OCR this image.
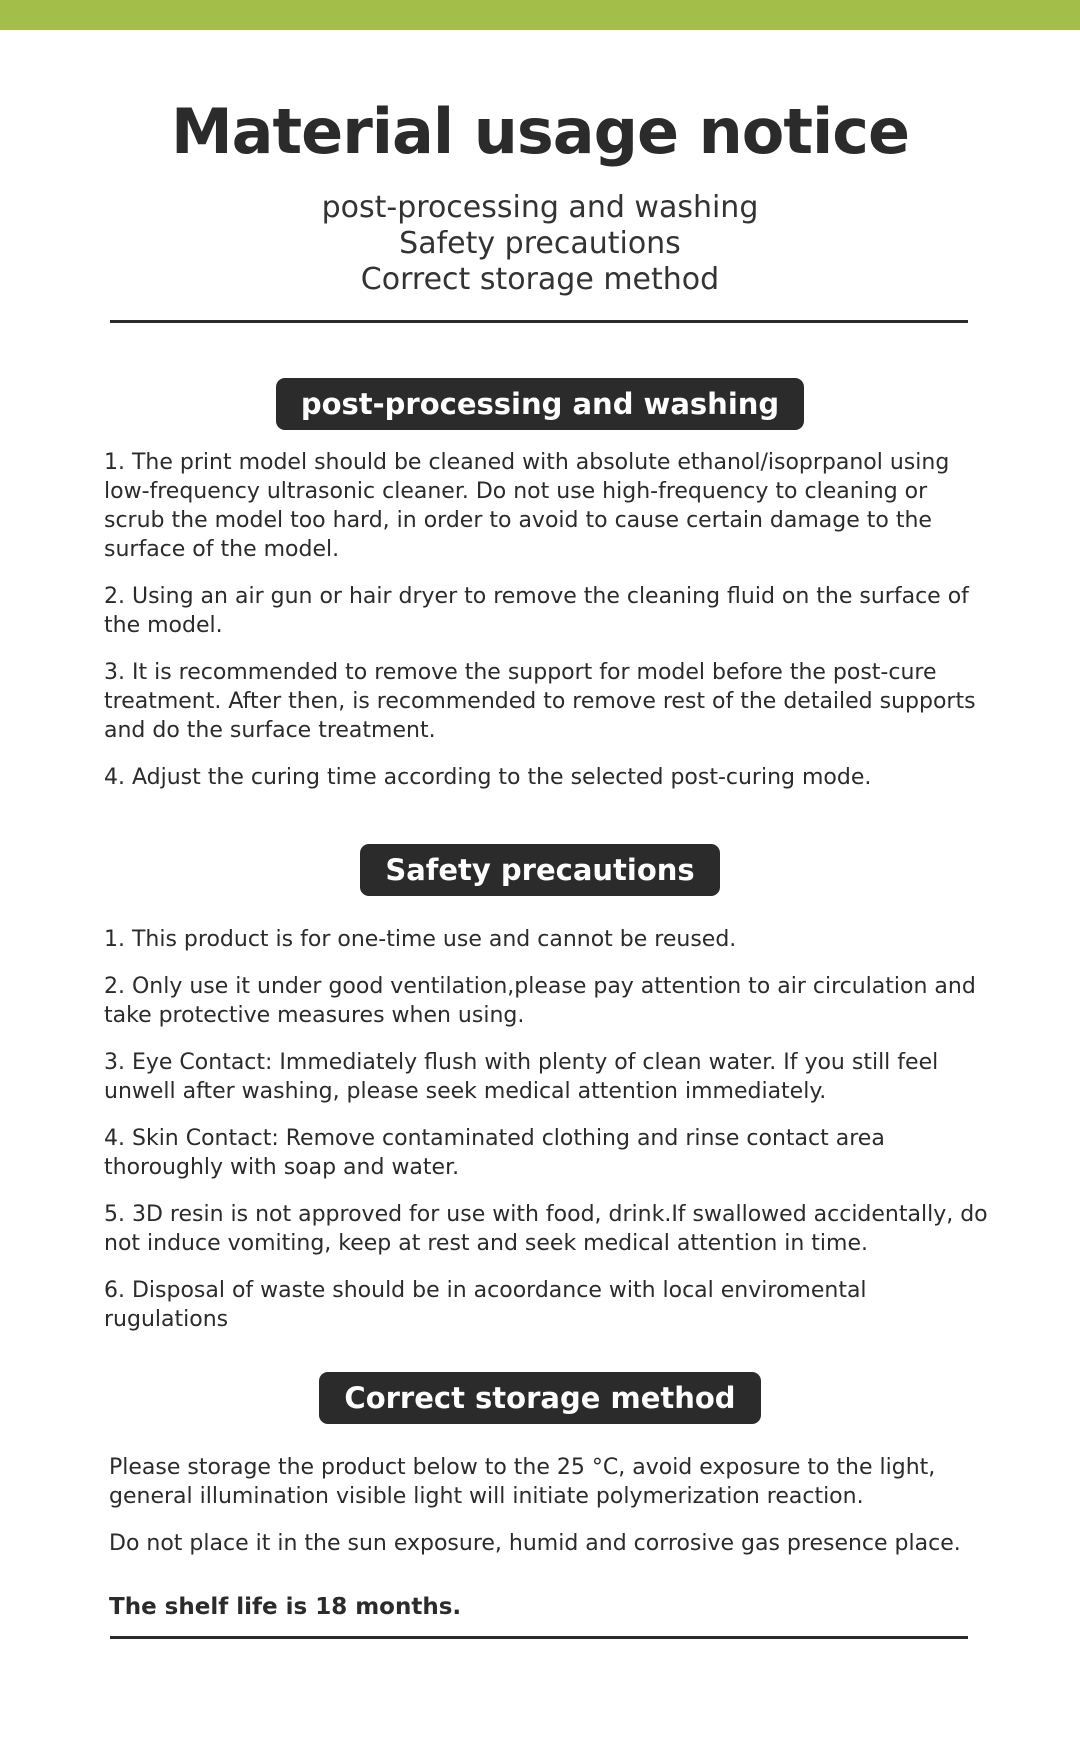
Material usage notice
post-processing and washing
Safety precautions
Correct storage method
post-processing and washing

1. The print model should be cleaned with absolute ethanol/isoprpanol using low-frequency ultrasonic cleaner. Do not use high-frequency to cleaning or scrub the model too hard, in order to avoid to cause certain damage to the surface of the model.

2. Using an air gun or hair dryer to remove the cleaning fluid on the surface of the model.

3. It is recommended to remove the support for model before the post-cure treatment. After then, is recommended to remove rest of the detailed supports and do the surface treatment.

4. Adjust the curing time according to the selected post-curing mode.

Safety precautions

1. This product is for one-time use and cannot be reused.

2. Only use it under good ventilation,please pay attention to air circulation and take protective measures when using.

3. Eye Contact: Immediately flush with plenty of clean water. If you still feel unwell after washing, please seek medical attention immediately.

4. Skin Contact: Remove contaminated clothing and rinse contact area thoroughly with soap and water.

5. 3D resin is not approved for use with food, drink.If swallowed accidentally, do not induce vomiting, keep at rest and seek medical attention in time.

6. Disposal of waste should be in acoordance with local enviromental rugulations

Correct storage method

Please storage the product below to the 25 °C, avoid exposure to the light, general illumination visible light will initiate polymerization reaction.

Do not place it in the sun exposure, humid and corrosive gas presence place.

The shelf life is 18 months.
